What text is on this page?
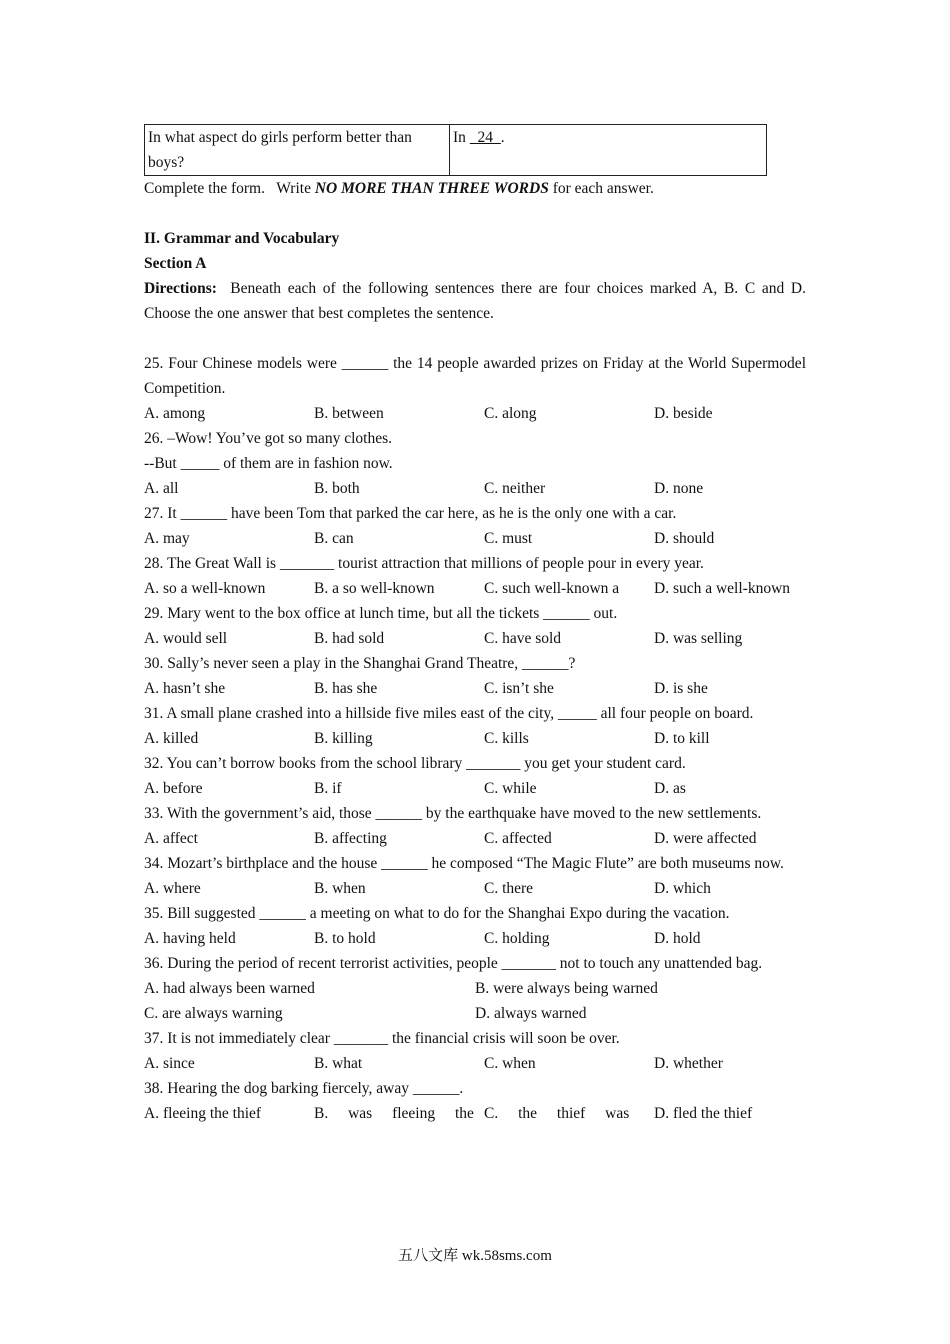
In what aspect do girls perform better than boys?	In   24  .

Complete the form.   Write NO MORE THAN THREE WORDS for each answer.

II. Grammar and Vocabulary

Section A

Directions:  Beneath each of the following sentences there are four choices marked A, B. C and D.   Choose the one answer that best completes the sentence.

25. Four Chinese models were ______ the 14 people awarded prizes on Friday at the World Supermodel Competition.

A. among	B. between	C. along	D. beside

26. –Wow! You’ve got so many clothes.

--But _____ of them are in fashion now.

A. all	B. both	C. neither	D. none

27. It ______ have been Tom that parked the car here, as he is the only one with a car.

A. may	B. can	C. must	D. should

28. The Great Wall is _______ tourist attraction that millions of people pour in every year.

A. so a well-known	B. a so well-known	C. such well-known a	D. such a well-known

29. Mary went to the box office at lunch time, but all the tickets ______ out.

A. would sell	B. had sold	C. have sold	D. was selling

30. Sally’s never seen a play in the Shanghai Grand Theatre, ______?

A. hasn’t she	B. has she	C. isn’t she	D. is she

31. A small plane crashed into a hillside five miles east of the city, _____ all four people on board.

A. killed	B. killing	C. kills	D. to kill

32. You can’t borrow books from the school library _______ you get your student card.

A. before	B. if	C. while	D. as

33. With the government’s aid, those ______ by the earthquake have moved to the new settlements.

A. affect	B. affecting	C. affected	D. were affected

34. Mozart’s birthplace and the house ______ he composed “The Magic Flute” are both museums now.

A. where	B. when	C. there	D. which

35. Bill suggested ______ a meeting on what to do for the Shanghai Expo during the vacation.

A. having held	B. to hold	C. holding	D. hold

36. During the period of recent terrorist activities, people _______ not to touch any unattended bag.

A. had always been warned	B. were always being warned
C. are always warning	D. always warned

37. It is not immediately clear _______ the financial crisis will soon be over.

A. since	B. what	C. when	D. whether

38. Hearing the dog barking fiercely, away ______.

A. fleeing the thief	B. was fleeing the C. the thief was	D. fled the thief
五八文库 wk.58sms.com
